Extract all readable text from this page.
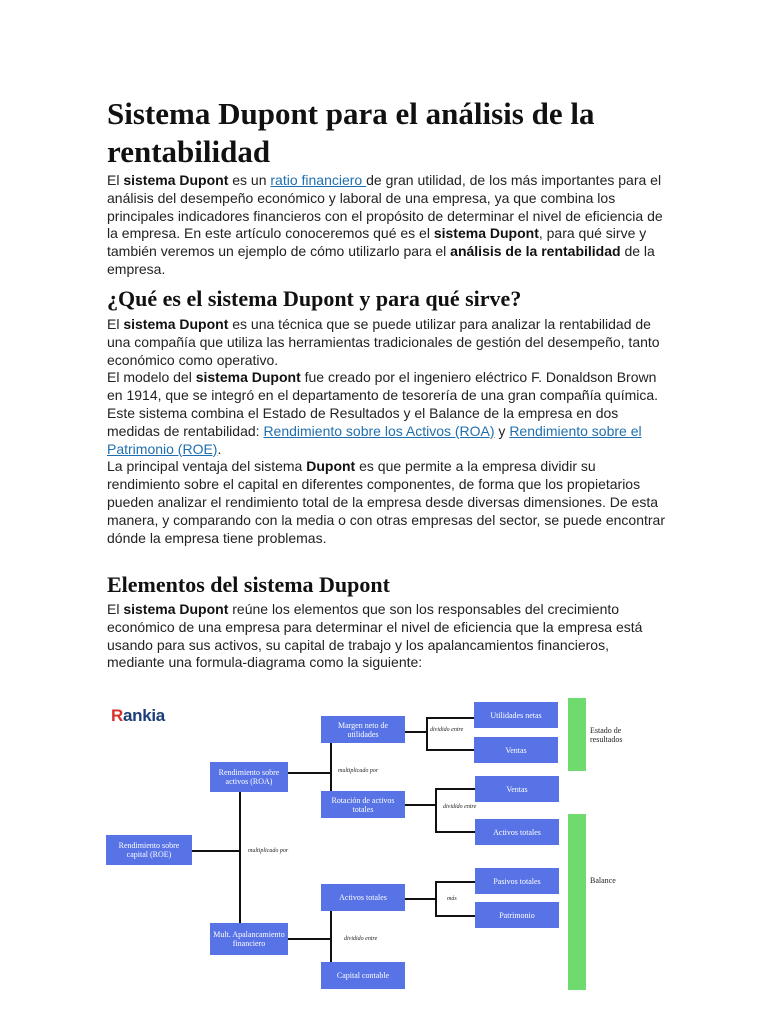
Sistema Dupont para el análisis de la rentabilidad

El sistema Dupont es un ratio financiero de gran utilidad, de los más importantes para el análisis del desempeño económico y laboral de una empresa, ya que combina los principales indicadores financieros con el propósito de determinar el nivel de eficiencia de la empresa. En este artículo conoceremos qué es el sistema Dupont, para qué sirve y también veremos un ejemplo de cómo utilizarlo para el análisis de la rentabilidad de la empresa.

¿Qué es el sistema Dupont y para qué sirve?
El sistema Dupont es una técnica que se puede utilizar para analizar la rentabilidad de una compañía que utiliza las herramientas tradicionales de gestión del desempeño, tanto económico como operativo.
El modelo del sistema Dupont fue creado por el ingeniero eléctrico F. Donaldson Brown en 1914, que se integró en el departamento de tesorería de una gran compañía química.
Este sistema combina el Estado de Resultados y el Balance de la empresa en dos medidas de rentabilidad: Rendimiento sobre los Activos (ROA) y Rendimiento sobre el Patrimonio (ROE).
La principal ventaja del sistema Dupont es que permite a la empresa dividir su rendimiento sobre el capital en diferentes componentes, de forma que los propietarios pueden analizar el rendimiento total de la empresa desde diversas dimensiones. De esta manera, y comparando con la media o con otras empresas del sector, se puede encontrar dónde la empresa tiene problemas.
Elementos del sistema Dupont

El sistema Dupont reúne los elementos que son los responsables del crecimiento económico de una empresa para determinar el nivel de eficiencia que la empresa está usando para sus activos, su capital de trabajo y los apalancamientos financieros, mediante una formula-diagrama como la siguiente:

Rankia
Rendimiento sobre capital (ROE)
Rendimiento sobre activos (ROA)
Mult. Apalancamiento financiero
Margen neto de utilidades
Rotación de activos totales
Activos totales
Capital contable
Utilidades netas
Ventas
Ventas
Activos totales
Pasivos totales
Patrimonio
Estado de resultados
Balance
multiplicado por
multiplicado por
dividido entre
dividido entre
dividido entre
más
